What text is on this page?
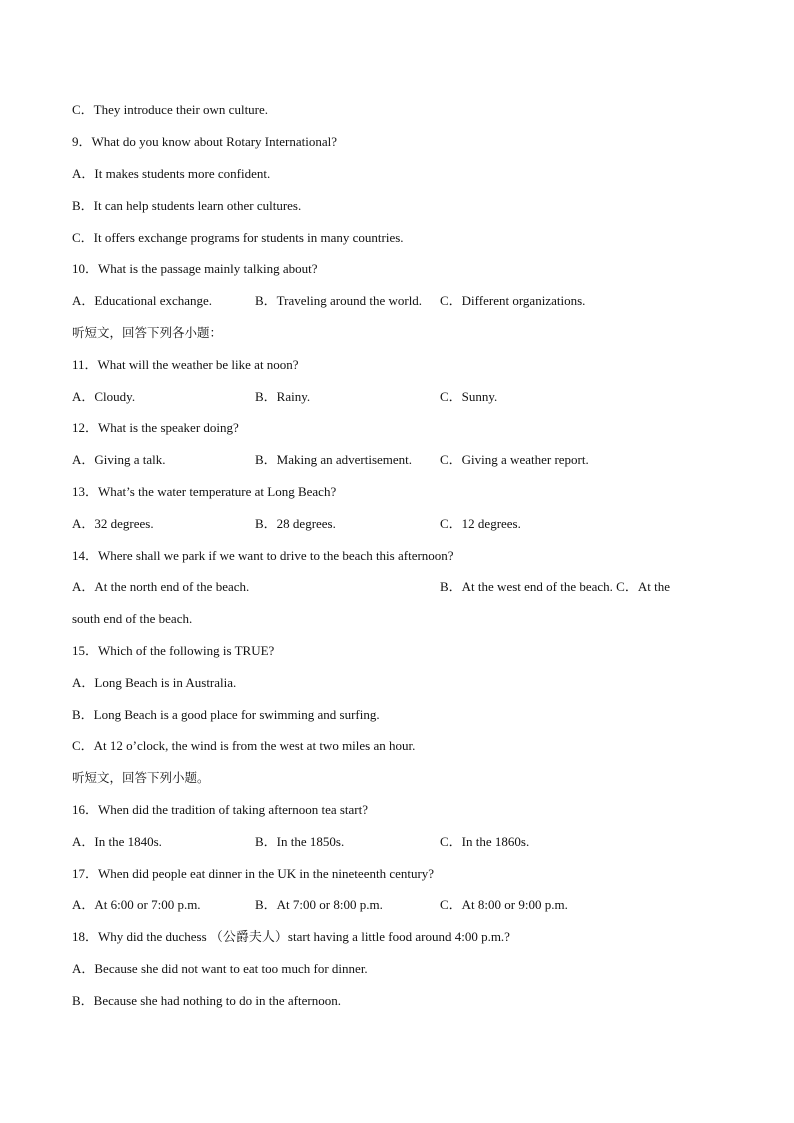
C．They introduce their own culture.
9．What do you know about Rotary International?
A．It makes students more confident.
B．It can help students learn other cultures.
C．It offers exchange programs for students in many countries.
10．What is the passage mainly talking about?
A．Educational exchange.	B．Traveling around the world. C．Different organizations.
听短文，回答下列各小题：
11．What will the weather be like at noon?
A．Cloudy.	B．Rainy.	C．Sunny.
12．What is the speaker doing?
A．Giving a talk.	B．Making an advertisement. C．Giving a weather report.
13．What’s the water temperature at Long Beach?
A．32 degrees.	B．28 degrees.	C．12 degrees.
14．Where shall we park if we want to drive to the beach this afternoon?
A．At the north end of the beach.	B．At the west end of the beach. C．At the
south end of the beach.
15．Which of the following is TRUE?
A．Long Beach is in Australia.
B．Long Beach is a good place for swimming and surfing.
C．At 12 o’clock, the wind is from the west at two miles an hour.
听短文，回答下列小题。
16．When did the tradition of taking afternoon tea start?
A．In the 1840s.	B．In the 1850s.	C．In the 1860s.
17．When did people eat dinner in the UK in the nineteenth century?
A．At 6:00 or 7:00 p.m.	B．At 7:00 or 8:00 p.m.	C．At 8:00 or 9:00 p.m.
18．Why did the duchess （公爵夫人）start having a little food around 4:00 p.m.?
A．Because she did not want to eat too much for dinner.
B．Because she had nothing to do in the afternoon.
